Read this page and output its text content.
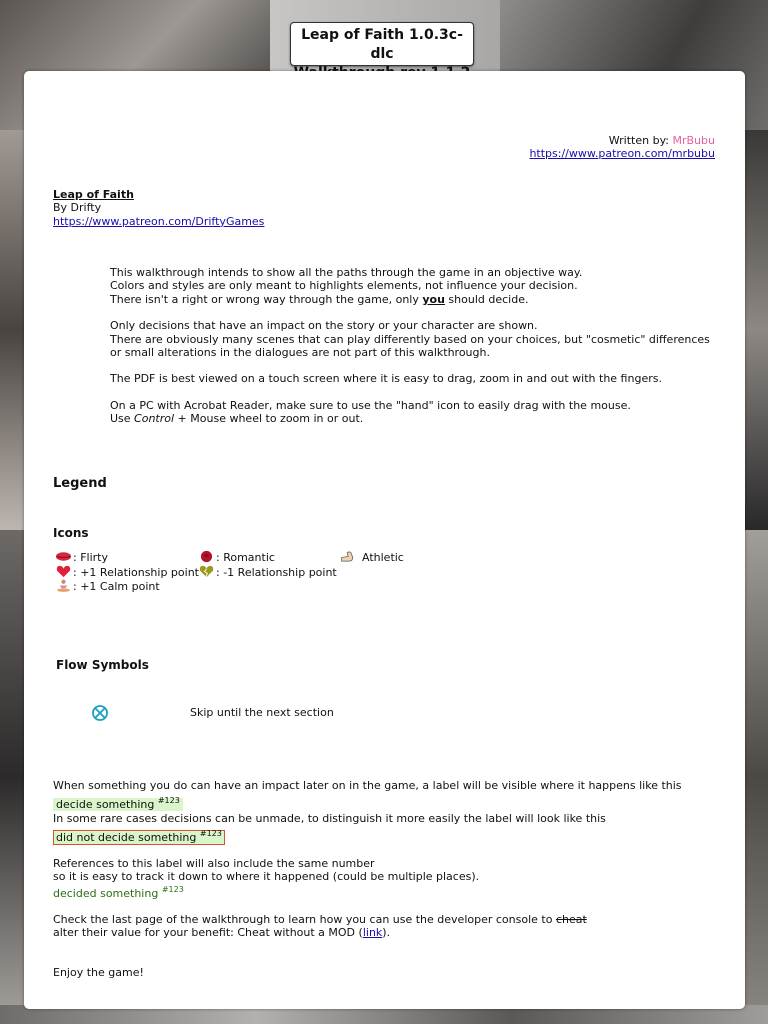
Leap of Faith 1.0.3c-dlc
Written by: MrBubu
https://www.patreon.com/mrbubu
Leap of Faith
By Drifty
https://www.patreon.com/DriftyGames
This walkthrough intends to show all the paths through the game in an objective way.
Colors and styles are only meant to highlights elements, not influence your decision.
There isn't a right or wrong way through the game, only you should decide.
Only decisions that have an impact on the story or your character are shown.
There are obviously many scenes that can play differently based on your choices, but "cosmetic" differences
or small alterations in the dialogues are not part of this walkthrough.
The PDF is best viewed on a touch screen where it is easy to drag, zoom in and out with the fingers.
On a PC with Acrobat Reader, make sure to use the "hand" icon to easily drag with the mouse.
Use Control + Mouse wheel to zoom in or out.
Legend
Icons
: Flirty	: Romantic	Athletic
: +1 Relationship point	: -1 Relationship point
: +1 Calm point
Flow Symbols
Skip until the next section
When something you do can have an impact later on in the game, a label will be visible where it happens like this
decide something $^{\#123}$
In some rare cases decisions can be unmade, to distinguish it more easily the label will look like this
did not decide something $^{\#123}$
References to this label will also include the same number
so it is easy to track it down to where it happened (could be multiple places).
decided something $^{\#123}$
Check the last page of the walkthrough to learn how you can use the developer console to cheat
alter their value for your benefit: Cheat without a MOD (link).
Enjoy the game!
